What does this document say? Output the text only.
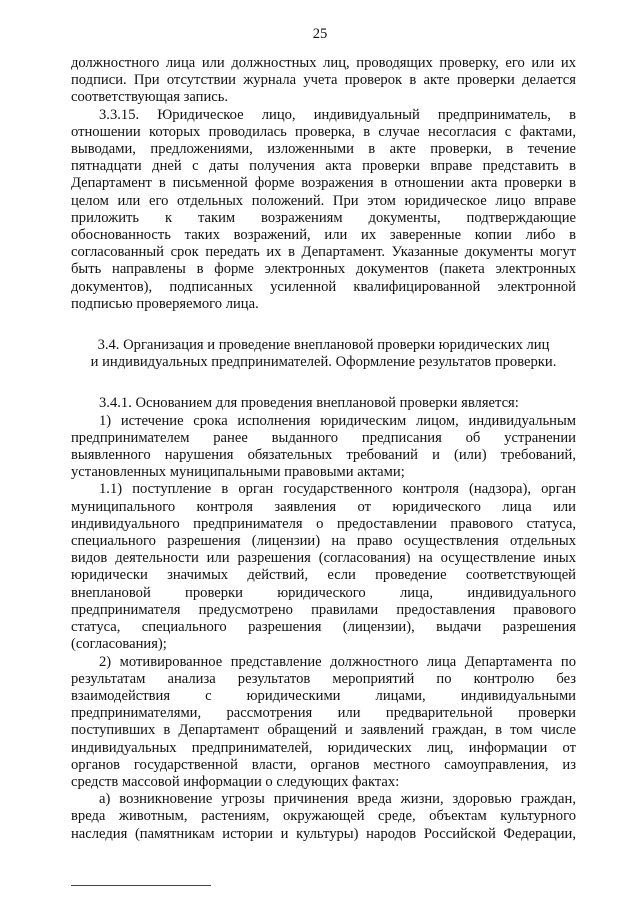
25
должностного лица или должностных лиц, проводящих проверку, его или их
подписи. При отсутствии журнала учета проверок в акте проверки делается
соответствующая запись.
3.3.15. Юридическое лицо, индивидуальный предприниматель, в
отношении которых проводилась проверка, в случае несогласия с фактами,
выводами, предложениями, изложенными в акте проверки, в течение
пятнадцати дней с даты получения акта проверки вправе представить в
Департамент в письменной форме возражения в отношении акта проверки в
целом или его отдельных положений. При этом юридическое лицо вправе
приложить к таким возражениям документы, подтверждающие
обоснованность таких возражений, или их заверенные копии либо в
согласованный срок передать их в Департамент. Указанные документы могут
быть направлены в форме электронных документов (пакета электронных
документов), подписанных усиленной квалифицированной электронной
подписью проверяемого лица.
3.4. Организация и проведение внеплановой проверки юридических лиц
и индивидуальных предпринимателей. Оформление результатов проверки.
3.4.1. Основанием для проведения внеплановой проверки является:
1) истечение срока исполнения юридическим лицом, индивидуальным
предпринимателем ранее выданного предписания об устранении
выявленного нарушения обязательных требований и (или) требований,
установленных муниципальными правовыми актами;
1.1) поступление в орган государственного контроля (надзора), орган
муниципального контроля заявления от юридического лица или
индивидуального предпринимателя о предоставлении правового статуса,
специального разрешения (лицензии) на право осуществления отдельных
видов деятельности или разрешения (согласования) на осуществление иных
юридически значимых действий, если проведение соответствующей
внеплановой проверки юридического лица, индивидуального
предпринимателя предусмотрено правилами предоставления правового
статуса, специального разрешения (лицензии), выдачи разрешения
(согласования);
2) мотивированное представление должностного лица Департамента по
результатам анализа результатов мероприятий по контролю без
взаимодействия с юридическими лицами, индивидуальными
предпринимателями, рассмотрения или предварительной проверки
поступивших в Департамент обращений и заявлений граждан, в том числе
индивидуальных предпринимателей, юридических лиц, информации от
органов государственной власти, органов местного самоуправления, из
средств массовой информации о следующих фактах:
а) возникновение угрозы причинения вреда жизни, здоровью граждан,
вреда животным, растениям, окружающей среде, объектам культурного
наследия (памятникам истории и культуры) народов Российской Федерации,
